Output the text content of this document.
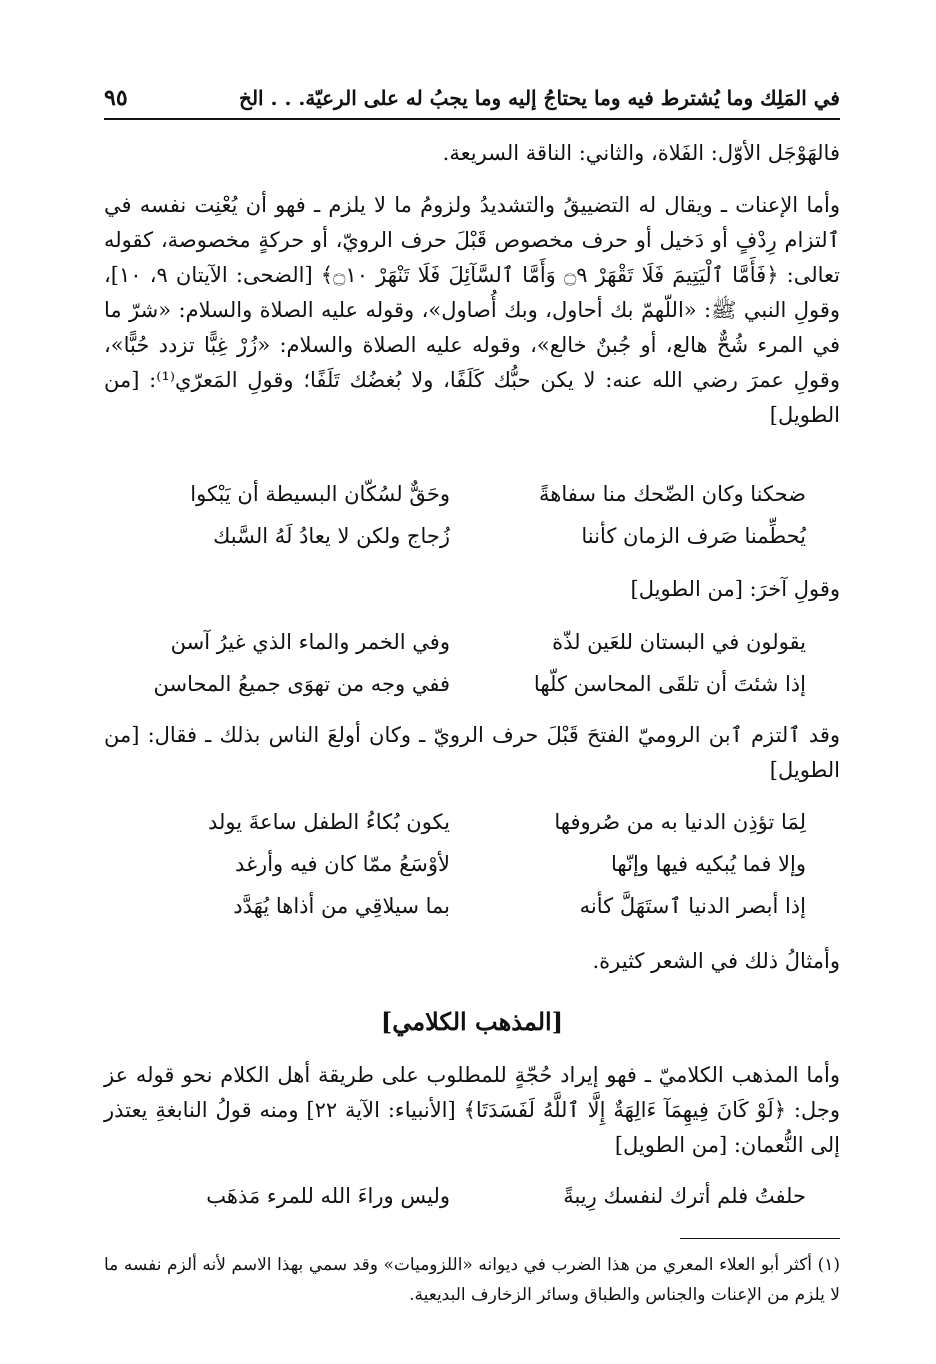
في المَلِك وما يُشترط فيه وما يحتاجُ إليه وما يجبُ له على الرعيّة. . . الخ
٩٥
فالهَوْجَل الأوّل: الفَلاة، والثاني: الناقة السريعة.
وأما الإعنات ـ ويقال له التضييقُ والتشديدُ ولزومُ ما لا يلزم ـ فهو أن يُعْنِت نفسه في ٱلتزام رِدْفٍ أو دَخيل أو حرف مخصوص قَبْلَ حرف الرويّ، أو حركةٍ مخصوصة، كقوله تعالى: ﴿فَأَمَّا ٱلْيَتِيمَ فَلَا تَقْهَرْ ۝٩ وَأَمَّا ٱلسَّآئِلَ فَلَا تَنْهَرْ ۝١٠﴾ [الضحى: الآيتان ٩، ١٠]، وقولِ النبي ﷺ: «اللّهمّ بك أحاول، وبك أُصاول»، وقوله عليه الصلاة والسلام: «شرّ ما في المرء شُحٌّ هالع، أو جُبنٌ خالع»، وقوله عليه الصلاة والسلام: «زُرْ غِبًّا تزدد حُبًّا»، وقولِ عمرَ رضي الله عنه: لا يكن حبُّك كَلَفًا، ولا بُغضُك تَلَفًا؛ وقولِ المَعرّي⁽¹⁾: [من الطويل]
ضحكنا وكان الضّحك منا سفاهةً
وحَقٌّ لسُكّان البسيطة أن يَبْكوا
يُحطِّمنا صَرف الزمان كأننا
زُجاج ولكن لا يعادُ لَهُ السَّبك
وقولِ آخرَ: [من الطويل]
يقولون في البستان للعَين لذّة
وفي الخمر والماء الذي غيرُ آسن
إذا شئتَ أن تلقَى المحاسن كلّها
ففي وجه من تهوَى جميعُ المحاسن
وقد ٱلتزم ٱبن الروميّ الفتحَ قَبْلَ حرف الرويّ ـ وكان أولعَ الناس بذلك ـ فقال: [من الطويل]
لِمَا تؤذِن الدنيا به من صُروفها
يكون بُكاءُ الطفل ساعةَ يولد
وإلا فما يُبكيه فيها وإنّها
لأوْسَعُ ممّا كان فيه وأرغد
إذا أبصر الدنيا ٱستَهَلَّ كأنه
بما سيلاقِي من أذاها يُهَدَّد
وأمثالُ ذلك في الشعر كثيرة.
[المذهب الكلامي]
وأما المذهب الكلاميّ ـ فهو إيراد حُجّةٍ للمطلوب على طريقة أهل الكلام نحو قوله عز وجل: ﴿لَوْ كَانَ فِيهِمَآ ءَالِهَةٌ إِلَّا ٱللَّهُ لَفَسَدَتَا﴾ [الأنبياء: الآية ٢٢] ومنه قولُ النابغةِ يعتذر إلى النُّعمان: [من الطويل]
حلفتُ فلم أترك لنفسك رِيبةً
وليس وراءَ الله للمرء مَذهَب
(١) أكثر أبو العلاء المعري من هذا الضرب في ديوانه «اللزوميات» وقد سمي بهذا الاسم لأنه ألزم نفسه ما لا يلزم من الإعنات والجناس والطباق وسائر الزخارف البديعية.
